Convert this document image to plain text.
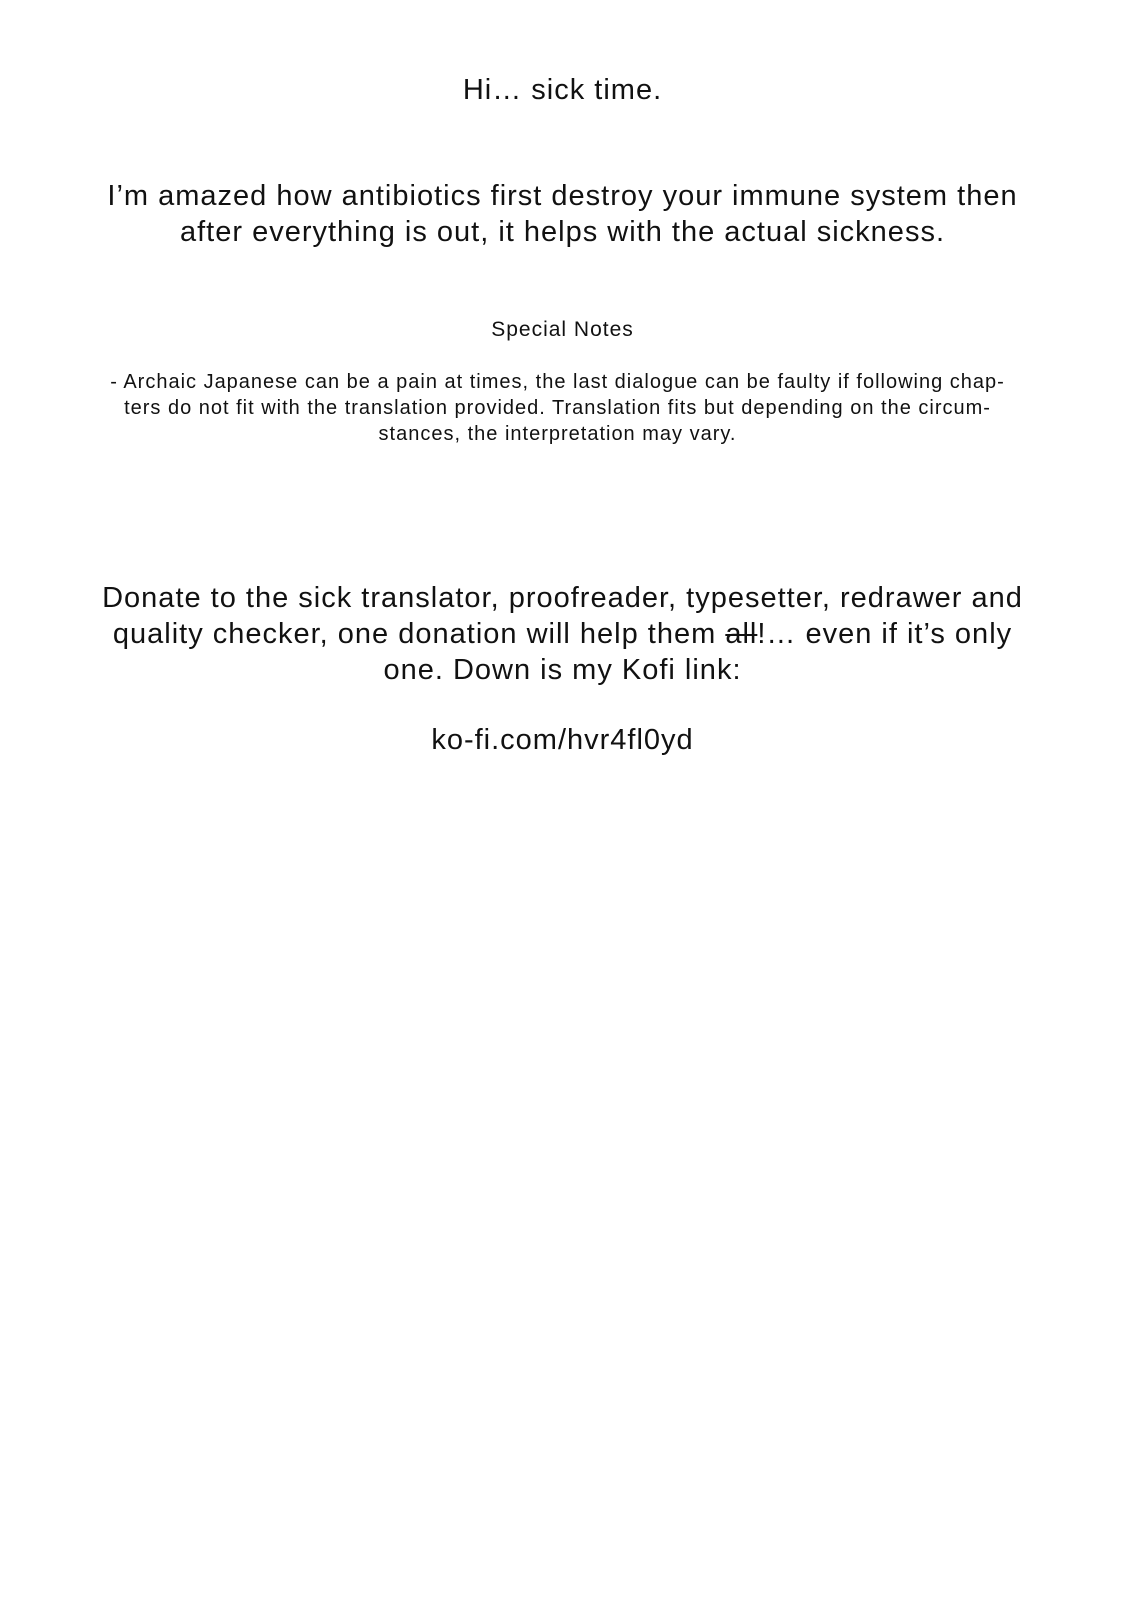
Hi… sick time.
I’m amazed how antibiotics first destroy your immune system then
after everything is out, it helps with the actual sickness.
Special Notes
- Archaic Japanese can be a pain at times, the last dialogue can be faulty if following chap-
ters do not fit with the translation provided. Translation fits but depending on the circum-
stances, the interpretation may vary.
Donate to the sick translator, proofreader, typesetter, redrawer and
quality checker, one donation will help them all!… even if it’s only
one. Down is my Kofi link:
ko-fi.com/hvr4fl0yd
